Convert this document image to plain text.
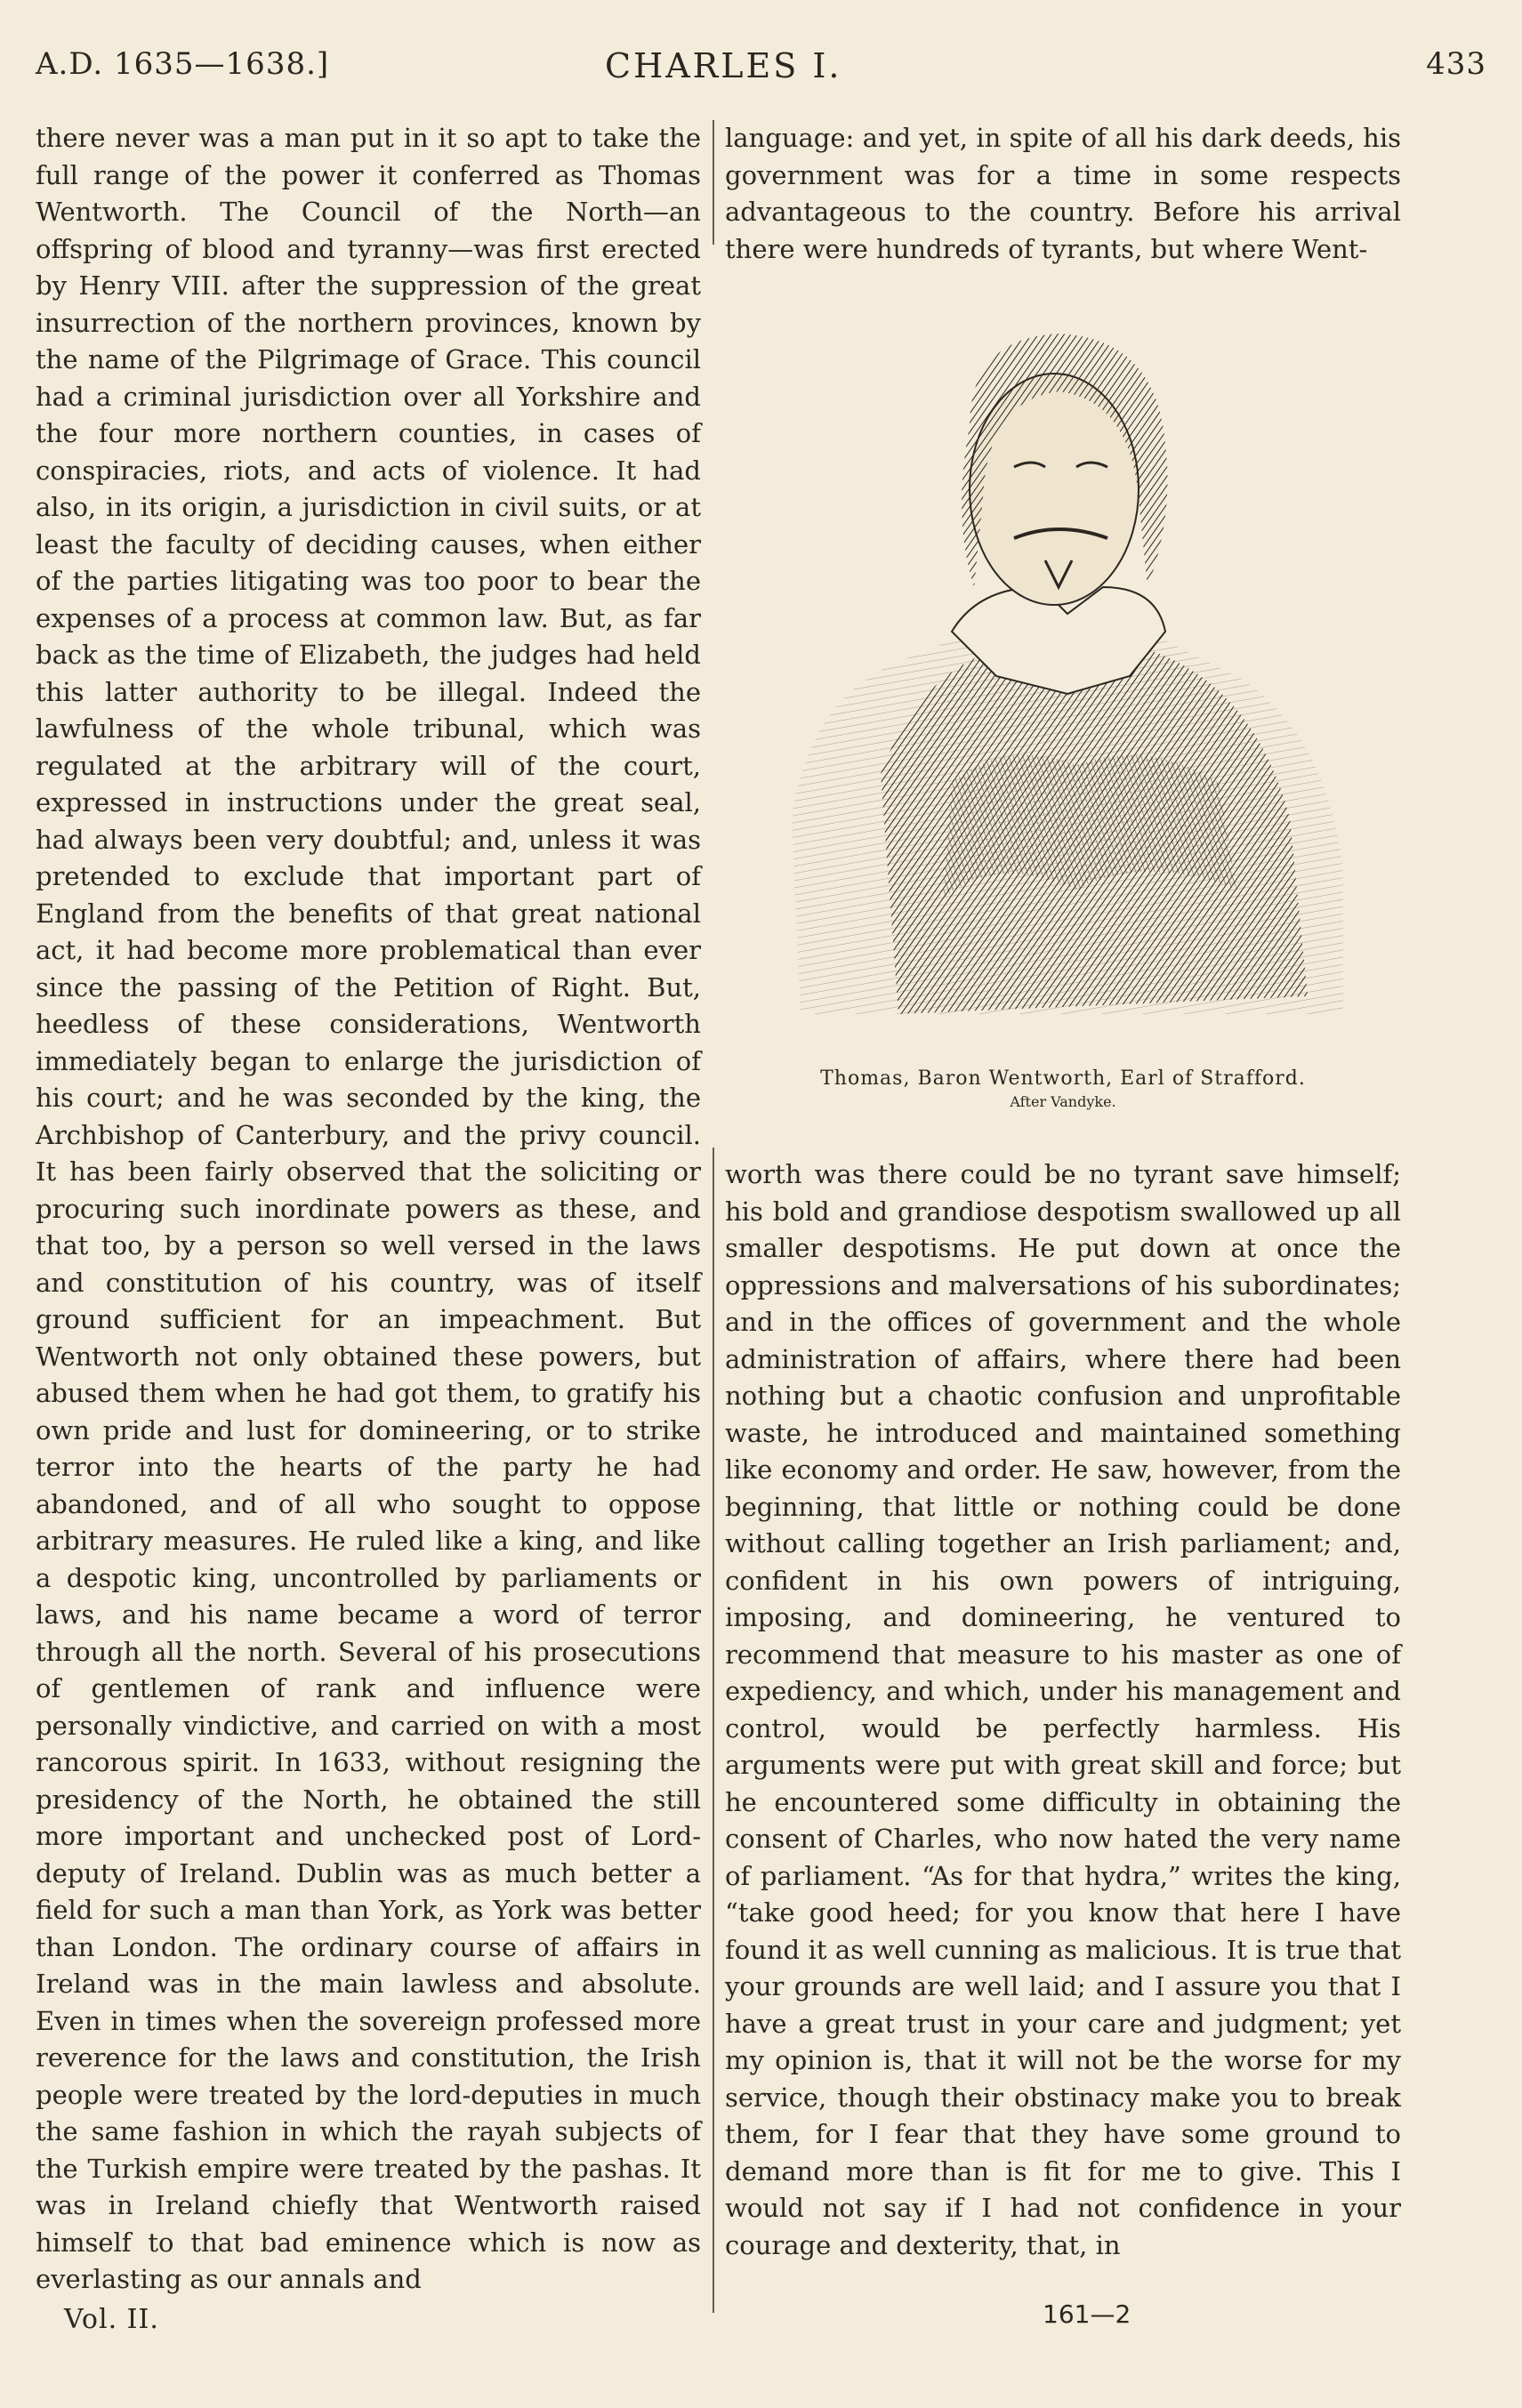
A.D. 1635—1638.]	CHARLES I.	433

there never was a man put in it so apt to take the full range of the power it conferred as Thomas Wentworth. The Council of the North—an offspring of blood and tyranny—was first erected by Henry VIII. after the suppression of the great insurrection of the northern provinces, known by the name of the Pilgrimage of Grace. This council had a criminal jurisdiction over all Yorkshire and the four more northern counties, in cases of conspiracies, riots, and acts of violence. It had also, in its origin, a jurisdiction in civil suits, or at least the faculty of deciding causes, when either of the parties litigating was too poor to bear the expenses of a process at common law. But, as far back as the time of Elizabeth, the judges had held this latter authority to be illegal. Indeed the lawfulness of the whole tribunal, which was regulated at the arbitrary will of the court, expressed in instructions under the great seal, had always been very doubtful; and, unless it was pretended to exclude that important part of England from the benefits of that great national act, it had become more problematical than ever since the passing of the Petition of Right. But, heedless of these considerations, Wentworth immediately began to enlarge the jurisdiction of his court; and he was seconded by the king, the Archbishop of Canterbury, and the privy council. It has been fairly observed that the soliciting or procuring such inordinate powers as these, and that too, by a person so well versed in the laws and constitution of his country, was of itself ground sufficient for an impeachment. But Wentworth not only obtained these powers, but abused them when he had got them, to gratify his own pride and lust for domineering, or to strike terror into the hearts of the party he had abandoned, and of all who sought to oppose arbitrary measures. He ruled like a king, and like a despotic king, uncontrolled by parliaments or laws, and his name became a word of terror through all the north. Several of his prosecutions of gentlemen of rank and influence were personally vindictive, and carried on with a most rancorous spirit. In 1633, without resigning the presidency of the North, he obtained the still more important and unchecked post of Lord-deputy of Ireland. Dublin was as much better a field for such a man than York, as York was better than London. The ordinary course of affairs in Ireland was in the main lawless and absolute. Even in times when the sovereign professed more reverence for the laws and constitution, the Irish people were treated by the lord-deputies in much the same fashion in which the rayah subjects of the Turkish empire were treated by the pashas. It was in Ireland chiefly that Wentworth raised himself to that bad eminence which is now as everlasting as our annals and

language: and yet, in spite of all his dark deeds, his government was for a time in some respects advantageous to the country. Before his arrival there were hundreds of tyrants, but where Went-

Thomas, Baron Wentworth, Earl of Strafford.
After Vandyke.

worth was there could be no tyrant save himself; his bold and grandiose despotism swallowed up all smaller despotisms. He put down at once the oppressions and malversations of his subordinates; and in the offices of government and the whole administration of affairs, where there had been nothing but a chaotic confusion and unprofitable waste, he introduced and maintained something like economy and order. He saw, however, from the beginning, that little or nothing could be done without calling together an Irish parliament; and, confident in his own powers of intriguing, imposing, and domineering, he ventured to recommend that measure to his master as one of expediency, and which, under his management and control, would be perfectly harmless. His arguments were put with great skill and force; but he encountered some difficulty in obtaining the consent of Charles, who now hated the very name of parliament. “As for that hydra,” writes the king, “take good heed; for you know that here I have found it as well cunning as malicious. It is true that your grounds are well laid; and I assure you that I have a great trust in your care and judgment; yet my opinion is, that it will not be the worse for my service, though their obstinacy make you to break them, for I fear that they have some ground to demand more than is fit for me to give. This I would not say if I had not confidence in your courage and dexterity, that, in

Vol. II.	161—2
